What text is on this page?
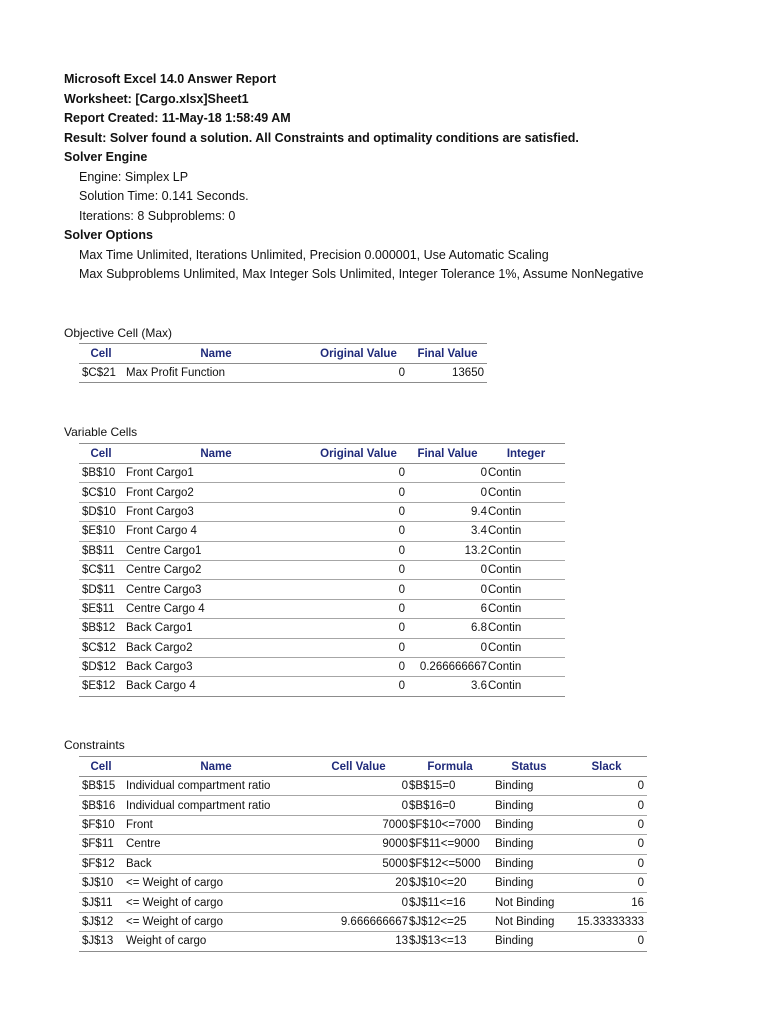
Microsoft Excel 14.0 Answer Report
Worksheet: [Cargo.xlsx]Sheet1
Report Created: 11-May-18 1:58:49 AM
Result: Solver found a solution. All Constraints and optimality conditions are satisfied.
Solver Engine
Engine: Simplex LP
Solution Time: 0.141 Seconds.
Iterations: 8 Subproblems: 0
Solver Options
Max Time Unlimited, Iterations Unlimited, Precision 0.000001, Use Automatic Scaling
Max Subproblems Unlimited, Max Integer Sols Unlimited, Integer Tolerance 1%, Assume NonNegative
Objective Cell (Max)
Cell	Name	Original Value	Final Value
$C$21	Max Profit Function	0	13650
Variable Cells
Cell	Name	Original Value	Final Value	Integer
$B$10	Front Cargo1	0	0	Contin
$C$10	Front Cargo2	0	0	Contin
$D$10	Front Cargo3	0	9.4	Contin
$E$10	Front Cargo 4	0	3.4	Contin
$B$11	Centre Cargo1	0	13.2	Contin
$C$11	Centre Cargo2	0	0	Contin
$D$11	Centre Cargo3	0	0	Contin
$E$11	Centre Cargo 4	0	6	Contin
$B$12	Back Cargo1	0	6.8	Contin
$C$12	Back Cargo2	0	0	Contin
$D$12	Back Cargo3	0	0.266666667	Contin
$E$12	Back Cargo 4	0	3.6	Contin
Constraints
Cell	Name	Cell Value	Formula	Status	Slack
$B$15	Individual compartment ratio	0	$B$15=0	Binding	0
$B$16	Individual compartment ratio	0	$B$16=0	Binding	0
$F$10	Front	7000	$F$10<=7000	Binding	0
$F$11	Centre	9000	$F$11<=9000	Binding	0
$F$12	Back	5000	$F$12<=5000	Binding	0
$J$10	<= Weight of cargo	20	$J$10<=20	Binding	0
$J$11	<= Weight of cargo	0	$J$11<=16	Not Binding	16
$J$12	<= Weight of cargo	9.666666667	$J$12<=25	Not Binding	15.33333333
$J$13	Weight of cargo	13	$J$13<=13	Binding	0
